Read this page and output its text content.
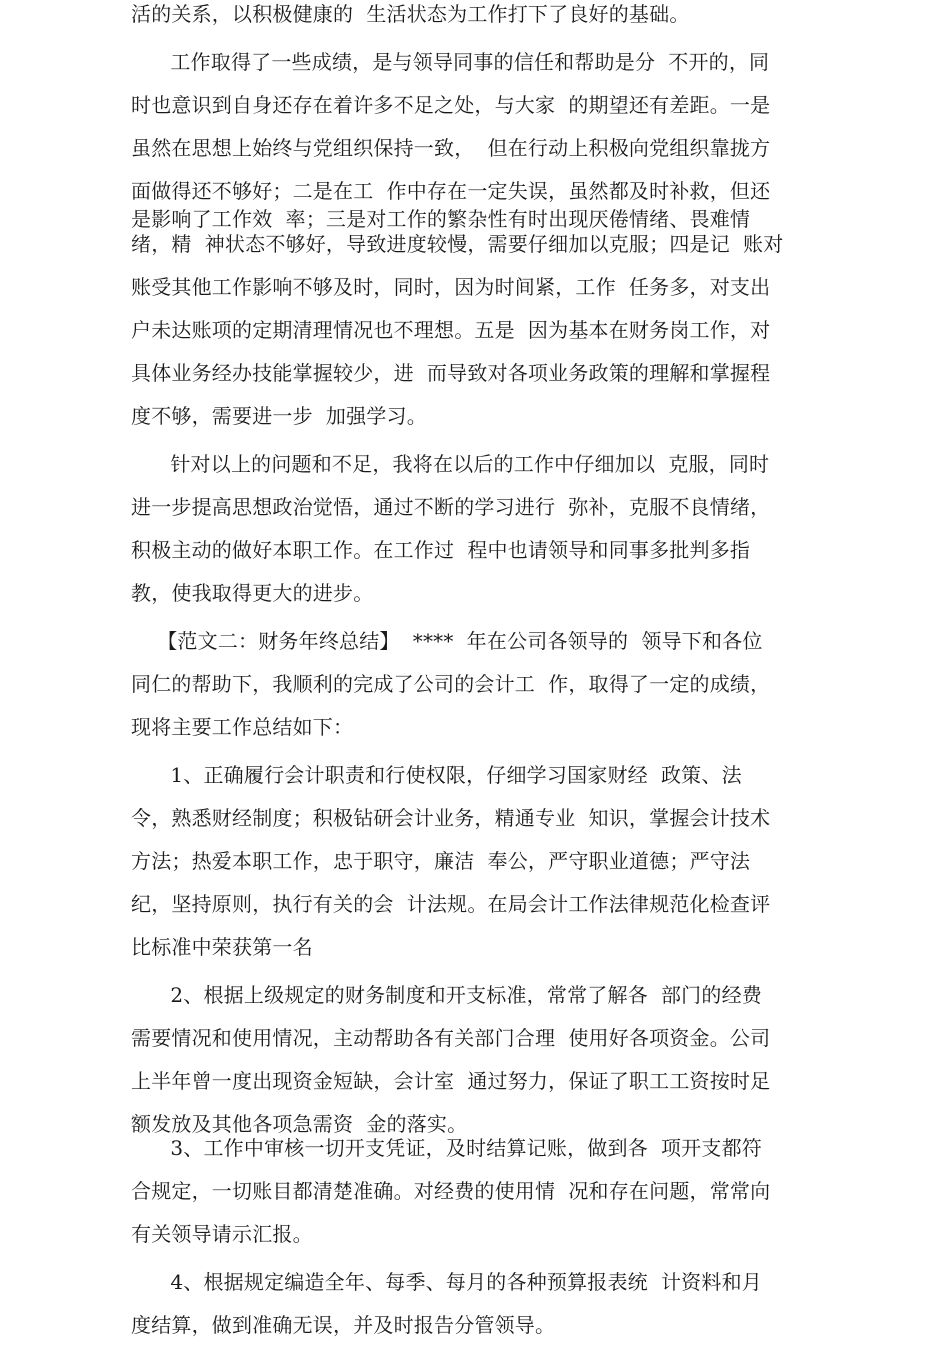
活的关系，以积极健康的  生活状态为工作打下了良好的基础。
工作取得了一些成绩，是与领导同事的信任和帮助是分  不开的，同
时也意识到自身还存在着许多不足之处，与大家  的期望还有差距。一是
虽然在思想上始终与党组织保持一致，  但在行动上积极向党组织靠拢方
面做得还不够好；二是在工  作中存在一定失误，虽然都及时补救，但还
是影响了工作效  率；三是对工作的繁杂性有时出现厌倦情绪、畏难情
绪，精  神状态不够好，导致进度较慢，需要仔细加以克服；四是记  账对
账受其他工作影响不够及时，同时，因为时间紧，工作  任务多，对支出
户未达账项的定期清理情况也不理想。五是  因为基本在财务岗工作，对
具体业务经办技能掌握较少，进  而导致对各项业务政策的理解和掌握程
度不够，需要进一步  加强学习。
针对以上的问题和不足，我将在以后的工作中仔细加以  克服，同时
进一步提高思想政治觉悟，通过不断的学习进行  弥补，克服不良情绪，
积极主动的做好本职工作。在工作过  程中也请领导和同事多批判多指
教，使我取得更大的进步。
【范文二：财务年终总结】  ****  年在公司各领导的  领导下和各位
同仁的帮助下，我顺利的完成了公司的会计工  作，取得了一定的成绩，
现将主要工作总结如下：
1、正确履行会计职责和行使权限，仔细学习国家财经  政策、法
令，熟悉财经制度；积极钻研会计业务，精通专业  知识，掌握会计技术
方法；热爱本职工作，忠于职守，廉洁  奉公，严守职业道德；严守法
纪，坚持原则，执行有关的会  计法规。在局会计工作法律规范化检查评
比标准中荣获第一名
2、根据上级规定的财务制度和开支标准，常常了解各  部门的经费
需要情况和使用情况，主动帮助各有关部门合理  使用好各项资金。公司
上半年曾一度出现资金短缺，会计室  通过努力，保证了职工工资按时足
额发放及其他各项急需资  金的落实。
3、工作中审核一切开支凭证，及时结算记账，做到各  项开支都符
合规定，一切账目都清楚准确。对经费的使用情  况和存在问题，常常向
有关领导请示汇报。
4、根据规定编造全年、每季、每月的各种预算报表统  计资料和月
度结算，做到准确无误，并及时报告分管领导。
